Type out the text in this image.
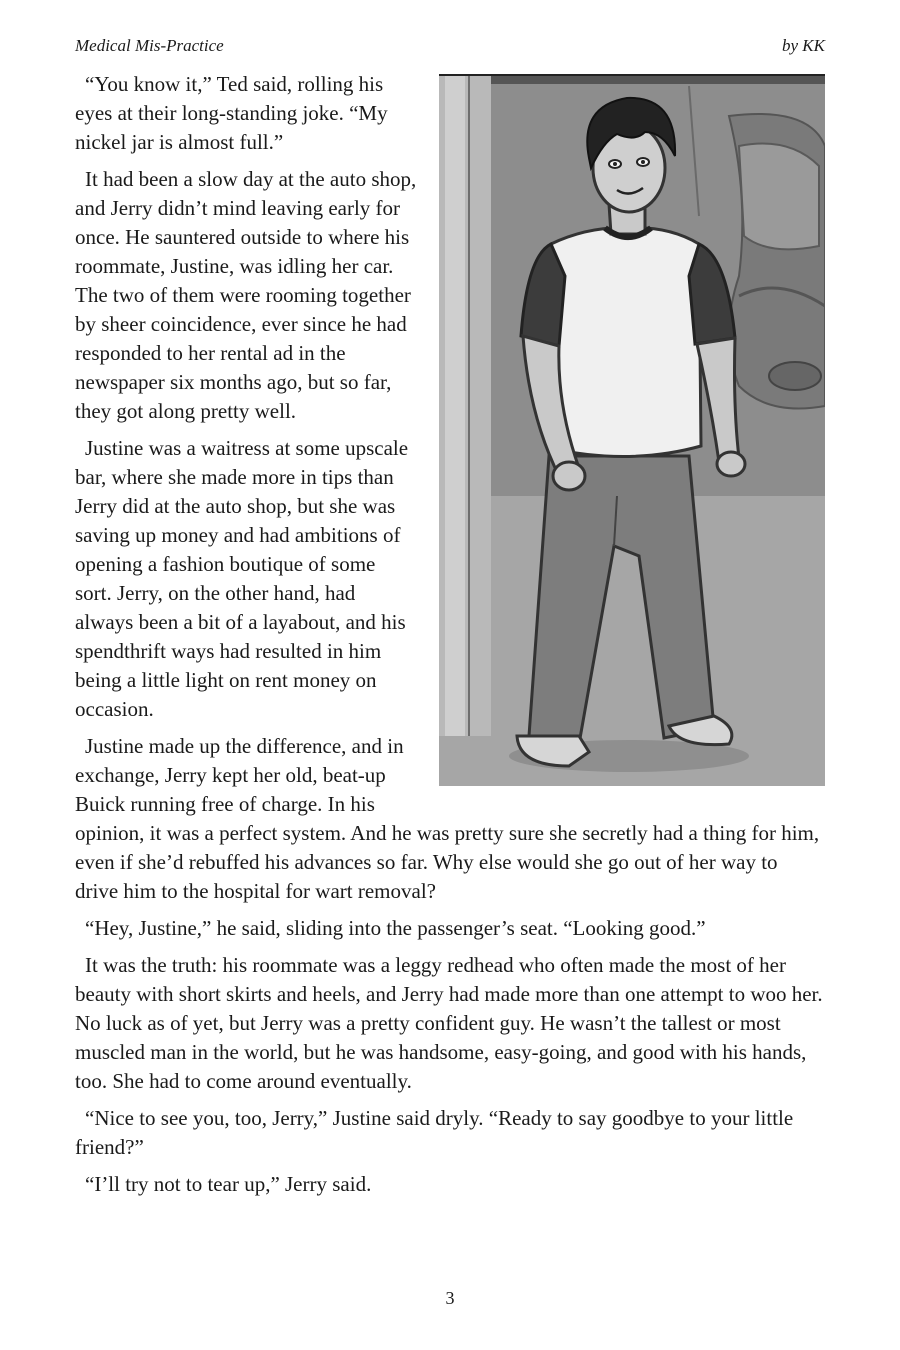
Medical Mis-Practice	by KK

“You know it,” Ted said, rolling his eyes at their long-standing joke. “My nickel jar is almost full.”

It had been a slow day at the auto shop, and Jerry didn’t mind leaving early for once. He sauntered outside to where his roommate, Justine, was idling her car. The two of them were rooming together by sheer coincidence, ever since he had responded to her rental ad in the newspaper six months ago, but so far, they got along pretty well.

Justine was a waitress at some upscale bar, where she made more in tips than Jerry did at the auto shop, but she was saving up money and had ambitions of opening a fashion boutique of some sort. Jerry, on the other hand, had always been a bit of a layabout, and his spendthrift ways had resulted in him being a little light on rent money on occasion.

Justine made up the difference, and in exchange, Jerry kept her old, beat-up Buick running free of charge. In his opinion, it was a perfect system. And he was pretty sure she secretly had a thing for him, even if she’d rebuffed his advances so far. Why else would she go out of her way to drive him to the hospital for wart removal?

“Hey, Justine,” he said, sliding into the passenger’s seat. “Looking good.”

It was the truth: his roommate was a leggy redhead who often made the most of her beauty with short skirts and heels, and Jerry had made more than one attempt to woo her. No luck as of yet, but Jerry was a pretty confident guy. He wasn’t the tallest or most muscled man in the world, but he was handsome, easy-going, and good with his hands, too. She had to come around eventually.

“Nice to see you, too, Jerry,” Justine said dryly. “Ready to say goodbye to your little friend?”

“I’ll try not to tear up,” Jerry said.

3
